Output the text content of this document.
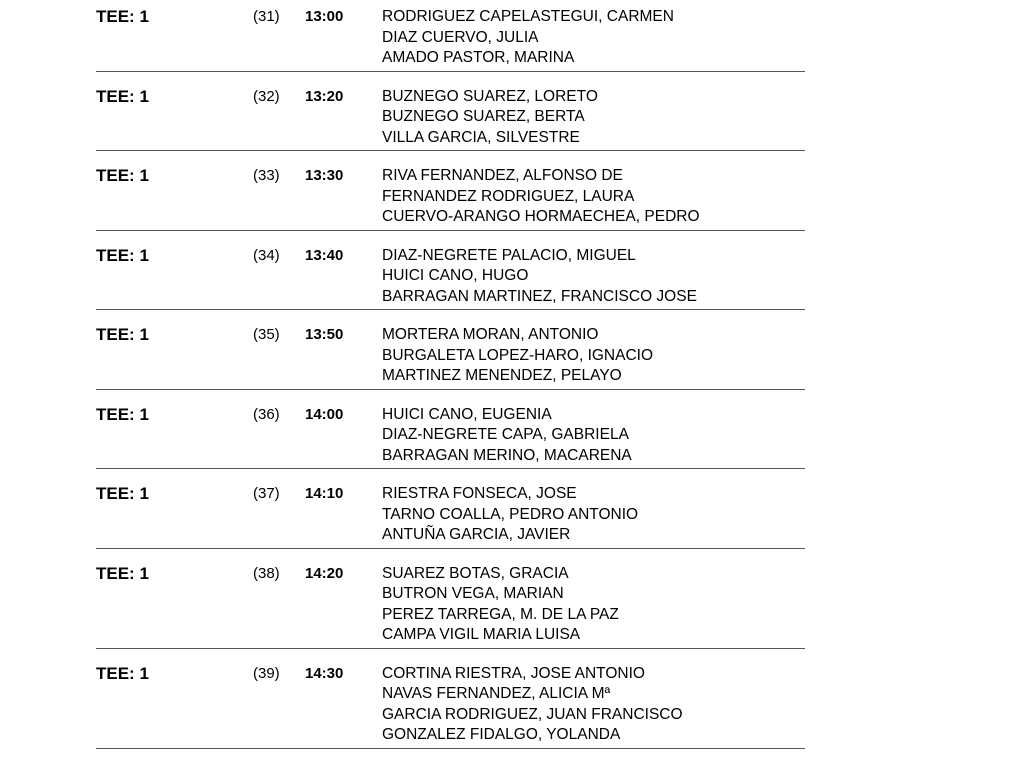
TEE: 1	(31) 13:00 RODRIGUEZ CAPELASTEGUI, CARMEN
DIAZ CUERVO, JULIA
AMADO PASTOR, MARINA
TEE: 1	(32) 13:20 BUZNEGO SUAREZ, LORETO
BUZNEGO SUAREZ, BERTA
VILLA GARCIA, SILVESTRE
TEE: 1	(33) 13:30 RIVA FERNANDEZ, ALFONSO DE
FERNANDEZ RODRIGUEZ, LAURA
CUERVO-ARANGO HORMAECHEA, PEDRO
TEE: 1	(34) 13:40 DIAZ-NEGRETE PALACIO, MIGUEL
HUICI CANO, HUGO
BARRAGAN MARTINEZ, FRANCISCO JOSE
TEE: 1	(35) 13:50 MORTERA MORAN, ANTONIO
BURGALETA LOPEZ-HARO, IGNACIO
MARTINEZ MENENDEZ, PELAYO
TEE: 1	(36) 14:00 HUICI CANO, EUGENIA
DIAZ-NEGRETE CAPA, GABRIELA
BARRAGAN MERINO, MACARENA
TEE: 1	(37) 14:10 RIESTRA FONSECA, JOSE
TARNO COALLA, PEDRO ANTONIO
ANTUÑA GARCIA, JAVIER
TEE: 1	(38) 14:20 SUAREZ BOTAS, GRACIA
BUTRON VEGA, MARIAN
PEREZ TARREGA, M. DE LA PAZ
CAMPA VIGIL MARIA LUISA
TEE: 1	(39) 14:30 CORTINA RIESTRA, JOSE ANTONIO
NAVAS FERNANDEZ, ALICIA Mª
GARCIA RODRIGUEZ, JUAN FRANCISCO
GONZALEZ FIDALGO, YOLANDA
